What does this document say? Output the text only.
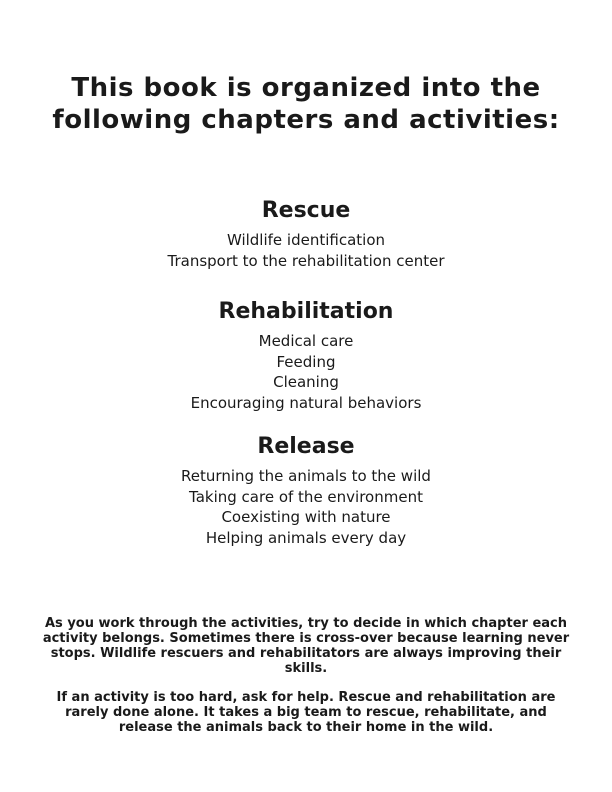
This book is organized into the
following chapters and activities:
Rescue
Wildlife identification
Transport to the rehabilitation center
Rehabilitation
Medical care
Feeding
Cleaning
Encouraging natural behaviors
Release
Returning the animals to the wild
Taking care of the environment
Coexisting with nature
Helping animals every day

As you work through the activities, try to decide in which chapter each activity belongs. Sometimes there is cross-over because learning never stops. Wildlife rescuers and rehabilitators are always improving their skills.

If an activity is too hard, ask for help. Rescue and rehabilitation are rarely done alone. It takes a big team to rescue, rehabilitate, and release the animals back to their home in the wild.
